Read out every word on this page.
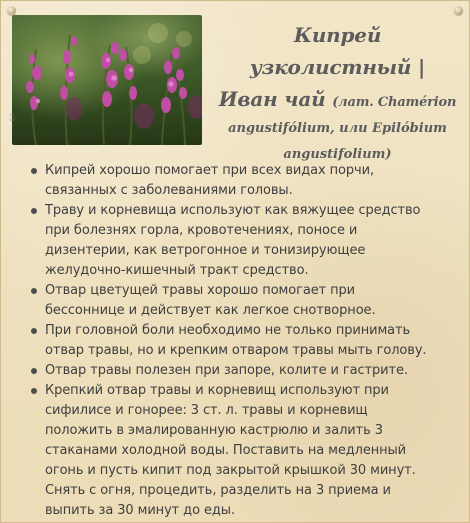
3
Кипрей узколистный |
Иван чай (лат. Chamérion
angustifólium, или Epilóbium
angustifolium)
Кипрей хорошо помогает при всех видах порчи,
связанных с заболеваниями головы.
Траву и корневища используют как вяжущее средство
при болезнях горла, кровотечениях, поносе и
дизентерии, как ветрогонное и тонизирующее
желудочно-кишечный тракт средство.
Отвар цветущей травы хорошо помогает при
бессоннице и действует как легкое снотворное.
При головной боли необходимо не только принимать
отвар травы, но и крепким отваром травы мыть голову.
Отвар травы полезен при запоре, колите и гастрите.
Крепкий отвар травы и корневищ используют при
сифилисе и гонорее: 3 ст. л. травы и корневищ
положить в эмалированную кастрюлю и залить 3
стаканами холодной воды. Поставить на медленный
огонь и пусть кипит под закрытой крышкой 30 минут.
Снять с огня, процедить, разделить на 3 приема и
выпить за 30 минут до еды.
